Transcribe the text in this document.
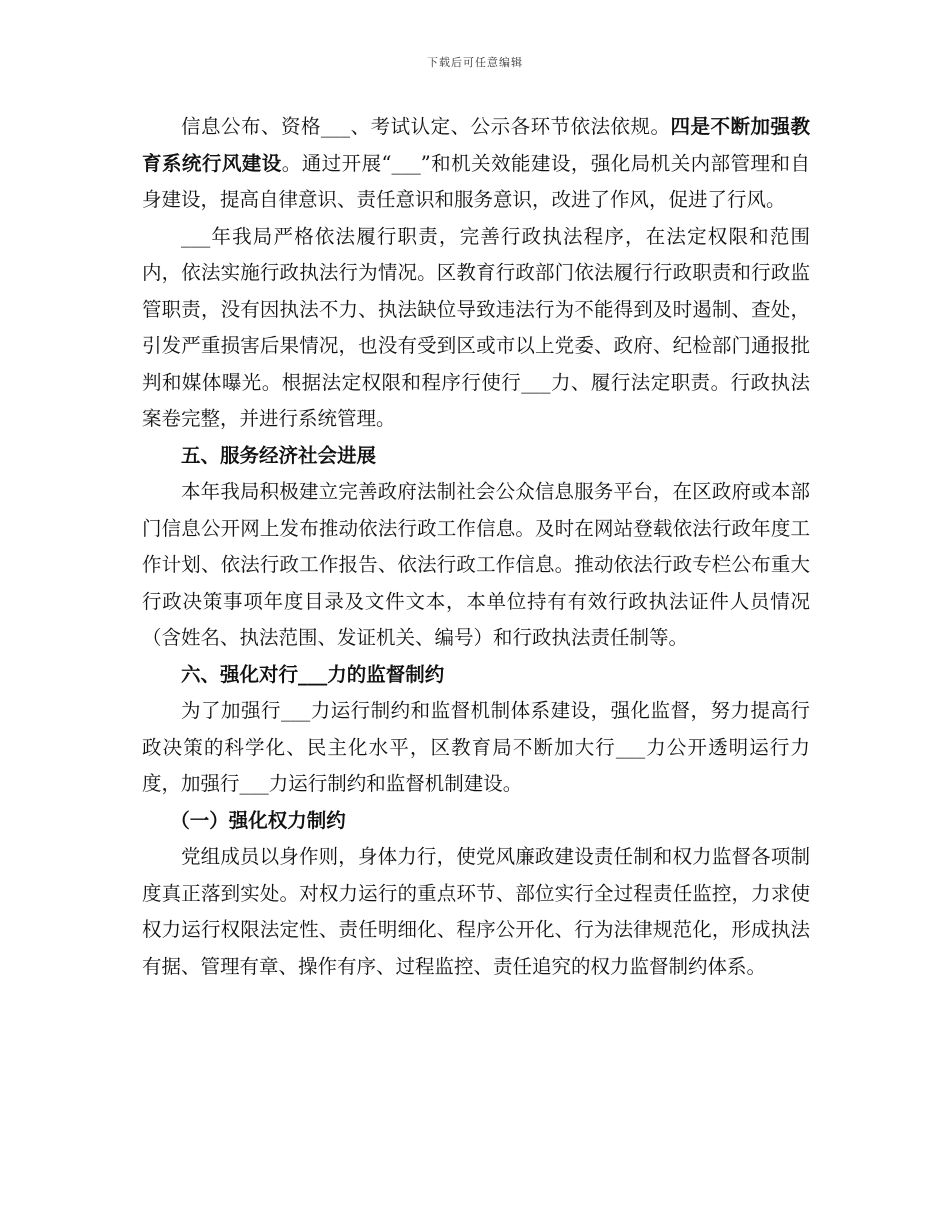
下载后可任意编辑

信息公布、资格___、考试认定、公示各环节依法依规。四是不断加强教育系统行风建设。通过开展“___”和机关效能建设，强化局机关内部管理和自身建设，提高自律意识、责任意识和服务意识，改进了作风，促进了行风。

___年我局严格依法履行职责，完善行政执法程序，在法定权限和范围内，依法实施行政执法行为情况。区教育行政部门依法履行行政职责和行政监管职责，没有因执法不力、执法缺位导致违法行为不能得到及时遏制、查处，引发严重损害后果情况，也没有受到区或市以上党委、政府、纪检部门通报批判和媒体曝光。根据法定权限和程序行使行___力、履行法定职责。行政执法案卷完整，并进行系统管理。

五、服务经济社会进展

本年我局积极建立完善政府法制社会公众信息服务平台，在区政府或本部门信息公开网上发布推动依法行政工作信息。及时在网站登载依法行政年度工作计划、依法行政工作报告、依法行政工作信息。推动依法行政专栏公布重大行政决策事项年度目录及文件文本，本单位持有有效行政执法证件人员情况（含姓名、执法范围、发证机关、编号）和行政执法责任制等。

六、强化对行___力的监督制约

为了加强行___力运行制约和监督机制体系建设，强化监督，努力提高行政决策的科学化、民主化水平，区教育局不断加大行___力公开透明运行力度，加强行___力运行制约和监督机制建设。

（一）强化权力制约

党组成员以身作则，身体力行，使党风廉政建设责任制和权力监督各项制度真正落到实处。对权力运行的重点环节、部位实行全过程责任监控，力求使权力运行权限法定性、责任明细化、程序公开化、行为法律规范化，形成执法有据、管理有章、操作有序、过程监控、责任追究的权力监督制约体系。
